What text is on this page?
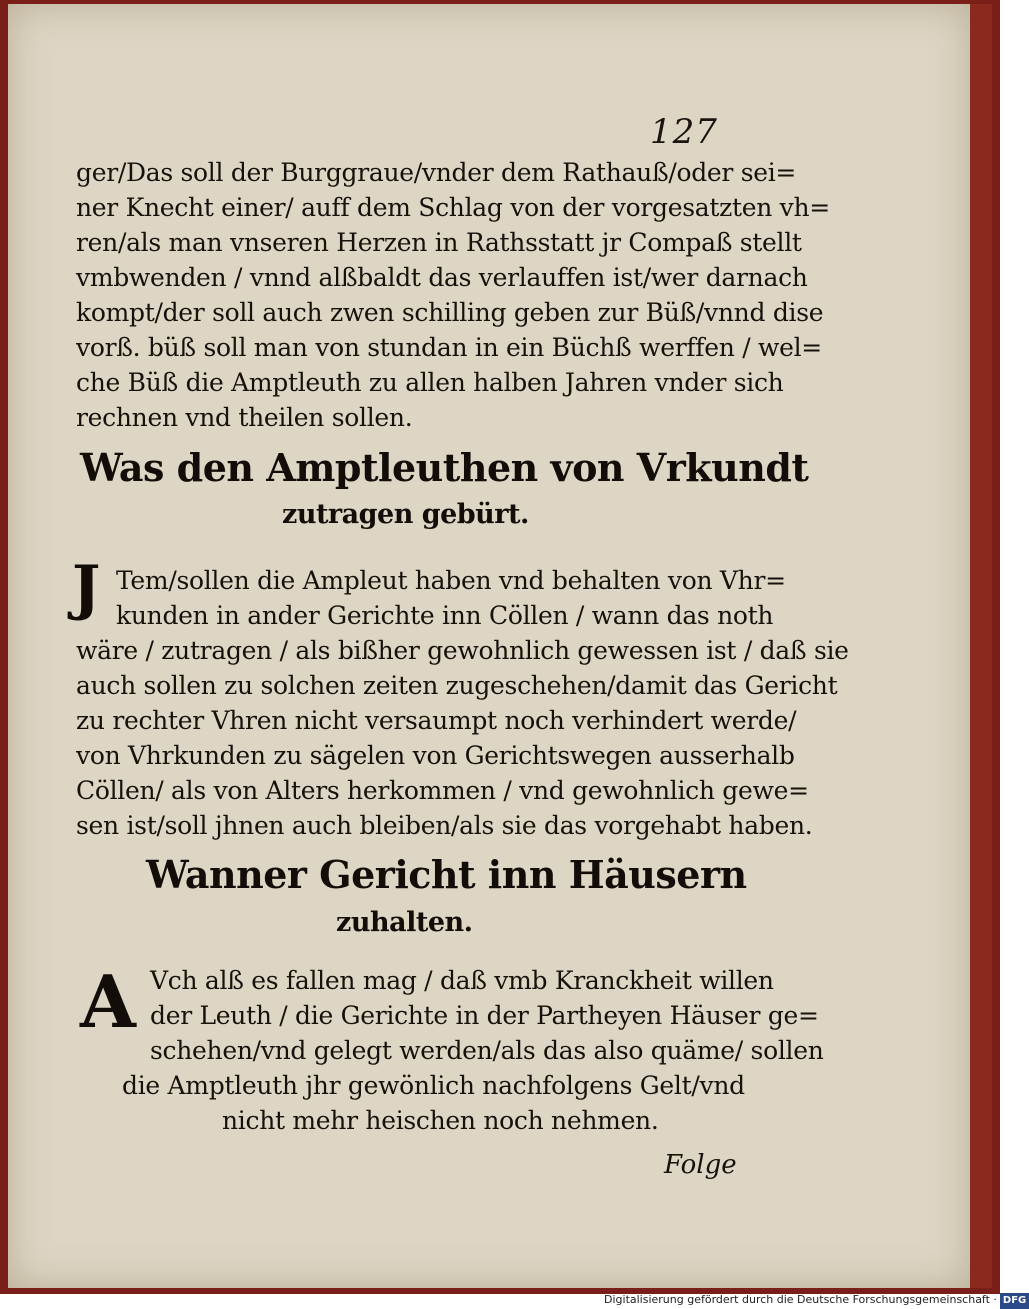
127
ger/Das soll der Burggraue/vnder dem Rathauß/oder sei=
ner Knecht einer/ auff dem Schlag von der vorgesatzten vh=
ren/als man vnseren Herzen in Rathsstatt jr Compaß stellt
vmbwenden / vnnd alßbaldt das verlauffen ist/wer darnach
kompt/der soll auch zwen schilling geben zur Büß/vnnd dise
vorß. büß soll man von stundan in ein Büchß werffen / wel=
che Büß die Amptleuth zu allen halben Jahren vnder sich
rechnen vnd theilen sollen.
Was den Amptleuthen von Vrkundt
zutragen gebürt.
J Tem/sollen die Ampleut haben vnd behalten von Vhr=
kunden in ander Gerichte inn Cöllen / wann das noth
wäre / zutragen / als bißher gewohnlich gewessen ist / daß sie
auch sollen zu solchen zeiten zugeschehen/damit das Gericht
zu rechter Vhren nicht versaumpt noch verhindert werde/
von Vhrkunden zu sägelen von Gerichtswegen ausserhalb
Cöllen/ als von Alters herkommen / vnd gewohnlich gewe=
sen ist/soll jhnen auch bleiben/als sie das vorgehabt haben.
Wanner Gericht inn Häusern
zuhalten.
A Vch alß es fallen mag / daß vmb Kranckheit willen
der Leuth / die Gerichte in der Partheyen Häuser ge=
schehen/vnd gelegt werden/als das also quäme/ sollen
die Amptleuth jhr gewönlich nachfolgens Gelt/vnd
nicht mehr heischen noch nehmen.
Folge
Digitalisierung gefördert durch die Deutsche Forschungsgemeinschaft · DFG
